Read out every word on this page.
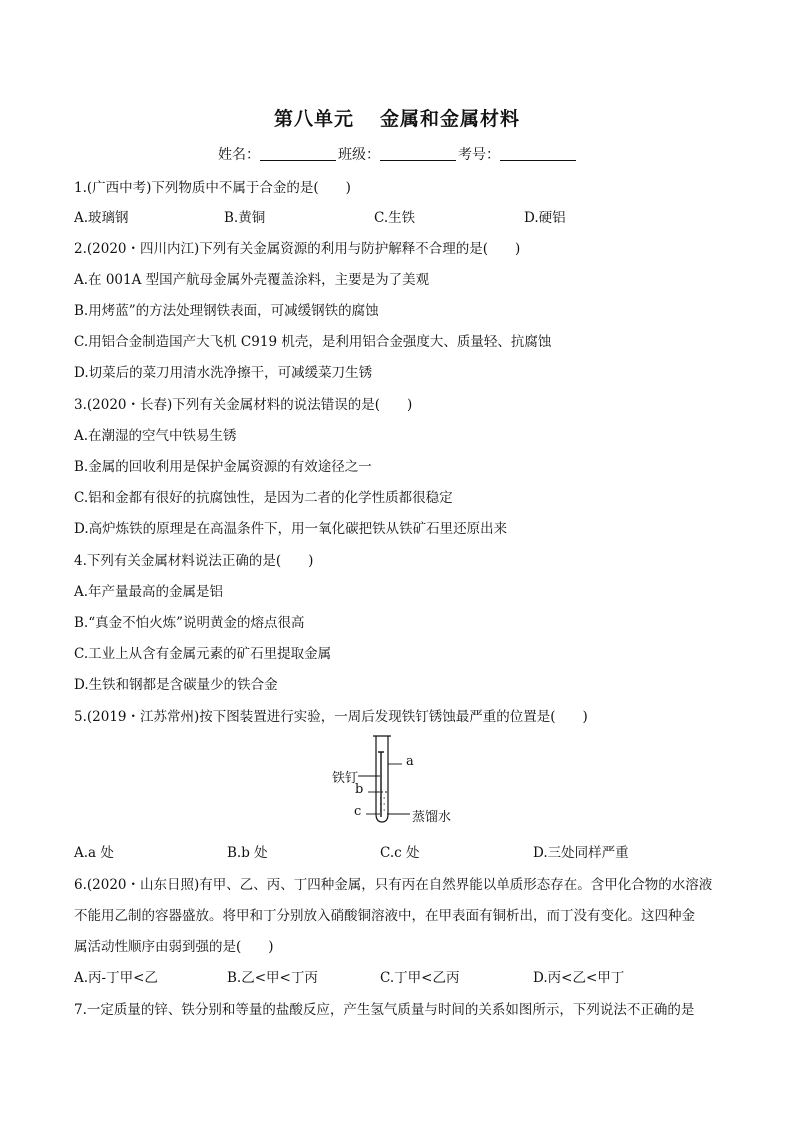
第八单元 金属和金属材料
姓名：	班级：	考号：
1.(广西中考)下列物质中不属于合金的是(　　)
A.玻璃钢	B.黄铜	C.生铁	D.硬铝
2.(2020・四川内江)下列有关金属资源的利用与防护解释不合理的是(　　)
A.在 001A 型国产航母金属外壳覆盖涂料，主要是为了美观
B.用烤蓝”的方法处理钢铁表面，可减缓钢铁的腐蚀
C.用铝合金制造国产大飞机 C919 机壳，是利用铝合金强度大、质量轻、抗腐蚀
D.切菜后的菜刀用清水洗净擦干，可减缓菜刀生锈
3.(2020・长春)下列有关金属材料的说法错误的是(　　)
A.在潮湿的空气中铁易生锈
B.金属的回收利用是保护金属资源的有效途径之一
C.铝和金都有很好的抗腐蚀性，是因为二者的化学性质都很稳定
D.高炉炼铁的原理是在高温条件下，用一氧化碳把铁从铁矿石里还原出来
4.下列有关金属材料说法正确的是(　　)
A.年产量最高的金属是铝
B.“真金不怕火炼”说明黄金的熔点很高
C.工业上从含有金属元素的矿石里提取金属
D.生铁和钢都是含碳量少的铁合金
5.(2019・江苏常州)按下图装置进行实验，一周后发现铁钉锈蚀最严重的位置是(　　)
铁钉
a
b
c	蒸馏水
A.a 处	B.b 处	C.c 处	D.三处同样严重
6.(2020・山东日照)有甲、乙、丙、丁四种金属，只有丙在自然界能以单质形态存在。含甲化合物的水溶液
不能用乙制的容器盛放。将甲和丁分别放入硝酸铜溶液中，在甲表面有铜析出，而丁没有变化。这四种金
属活动性顺序由弱到强的是(　　)
A.丙-丁甲<乙	B.乙<甲<丁丙	C.丁甲<乙丙	D.丙<乙<甲丁
7.一定质量的锌、铁分别和等量的盐酸反应，产生氢气质量与时间的关系如图所示，下列说法不正确的是
